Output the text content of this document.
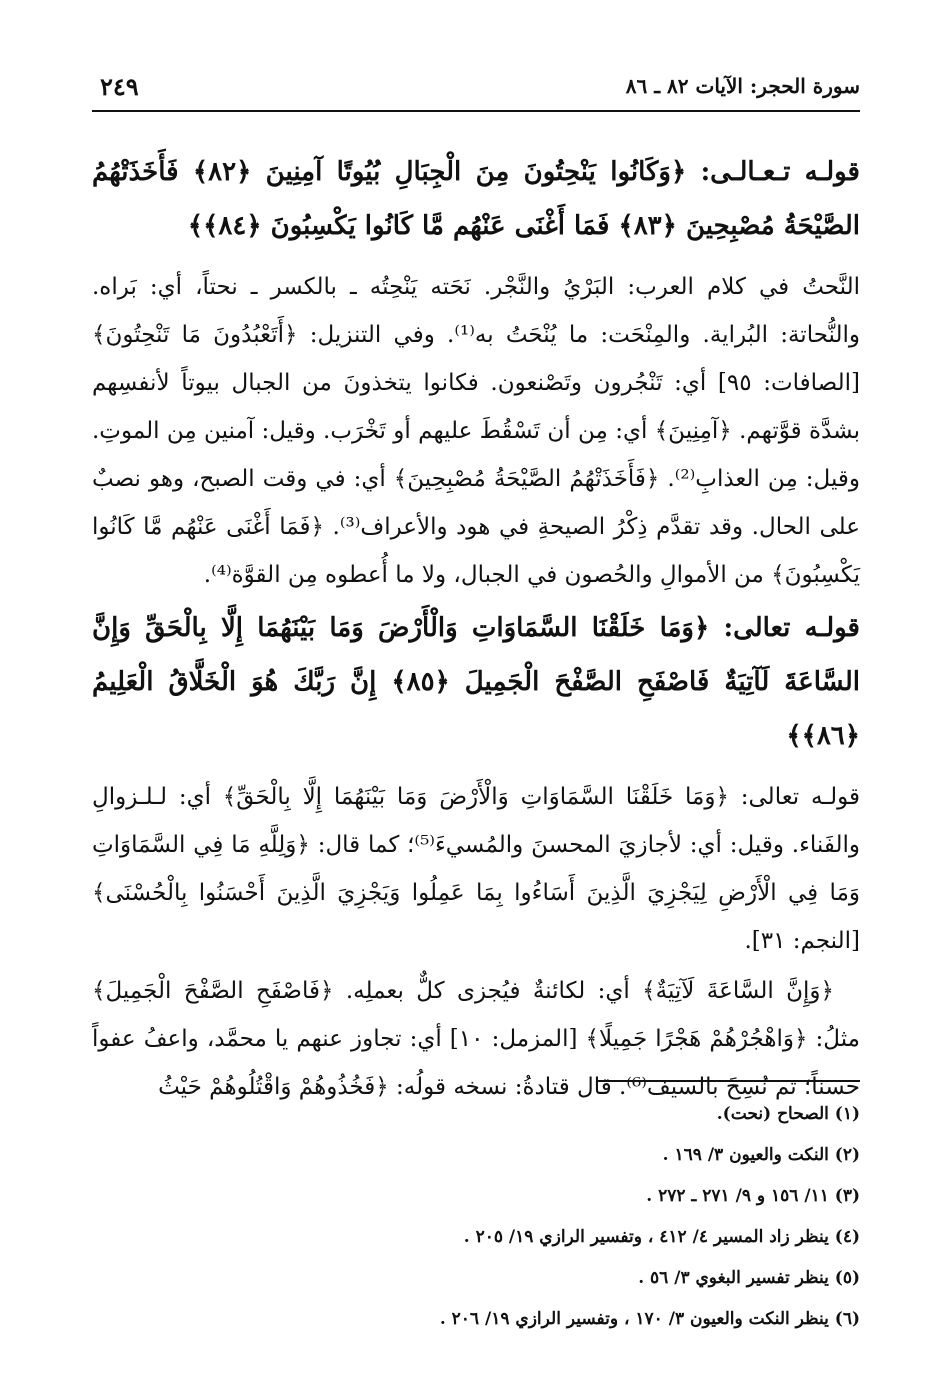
سورة الحجر: الآيات ٨٢ ـ ٨٦
٢٤٩

قولـه تـعـالـى: ﴿وَكَانُوا يَنْحِتُونَ مِنَ الْجِبَالِ بُيُوتًا آمِنِينَ ﴿٨٢﴾ فَأَخَذَتْهُمُ الصَّيْحَةُ مُصْبِحِينَ ﴿٨٣﴾ فَمَا أَغْنَى عَنْهُم مَّا كَانُوا يَكْسِبُونَ ﴿٨٤﴾﴾

النَّحتُ في كلام العرب: البَرْيُ والنَّجْر. نَحَته يَنْحِتُه ـ بالكسر ـ نحتاً، أي: بَراه. والنُّحاتة: البُراية. والمِنْحَت: ما يُنْحَتُ به⁽¹⁾. وفي التنزيل: ﴿أَتَعْبُدُونَ مَا تَنْحِتُونَ﴾ [الصافات: ٩٥] أي: تَنْجُرون وتَصْنعون. فكانوا يتخذونَ من الجبال بيوتاً لأنفسِهم بشدَّة قوَّتهم. ﴿آمِنِينَ﴾ أي: مِن أن تَسْقُطَ عليهم أو تَخْرَب. وقيل: آمنين مِن الموتِ. وقيل: مِن العذابِ⁽²⁾. ﴿فَأَخَذَتْهُمُ الصَّيْحَةُ مُصْبِحِينَ﴾ أي: في وقت الصبح، وهو نصبٌ على الحال. وقد تقدَّم ذِكْرُ الصيحةِ في هود والأعراف⁽³⁾. ﴿فَمَا أَغْنَى عَنْهُم مَّا كَانُوا يَكْسِبُونَ﴾ من الأموالِ والحُصون في الجبال، ولا ما أُعطوه مِن القوَّة⁽⁴⁾.

قولـه تعالى: ﴿وَمَا خَلَقْنَا السَّمَاوَاتِ وَالْأَرْضَ وَمَا بَيْنَهُمَا إِلَّا بِالْحَقِّ وَإِنَّ السَّاعَةَ لَآتِيَةٌ فَاصْفَحِ الصَّفْحَ الْجَمِيلَ ﴿٨٥﴾ إِنَّ رَبَّكَ هُوَ الْخَلَّاقُ الْعَلِيمُ ﴿٨٦﴾﴾

قولـه تعالى: ﴿وَمَا خَلَقْنَا السَّمَاوَاتِ وَالْأَرْضَ وَمَا بَيْنَهُمَا إِلَّا بِالْحَقِّ﴾ أي: لـلـزوالِ والفَناء. وقيل: أي: لأجازيَ المحسنَ والمُسيءَ⁽⁵⁾؛ كما قال: ﴿وَلِلَّهِ مَا فِي السَّمَاوَاتِ وَمَا فِي الْأَرْضِ لِيَجْزِيَ الَّذِينَ أَسَاءُوا بِمَا عَمِلُوا وَيَجْزِيَ الَّذِينَ أَحْسَنُوا بِالْحُسْنَى﴾ [النجم: ٣١].

﴿وَإِنَّ السَّاعَةَ لَآتِيَةٌ﴾ أي: لكائنةٌ فيُجزى كلٌّ بعملِه. ﴿فَاصْفَحِ الصَّفْحَ الْجَمِيلَ﴾ مثلُ: ﴿وَاهْجُرْهُمْ هَجْرًا جَمِيلًا﴾ [المزمل: ١٠] أي: تجاوز عنهم يا محمَّد، واعفُ عفواً حسناً؛ ثم نُسِخَ بالسيف⁽⁶⁾. قال قتادةُ: نسخه قولُه: ﴿فَخُذُوهُمْ وَاقْتُلُوهُمْ حَيْثُ

(١) الصحاح (نحت).
(٢) النكت والعيون ٣/ ١٦٩ .
(٣) ١١/ ١٥٦ و ٩/ ٢٧١ ـ ٢٧٢ .
(٤) ينظر زاد المسير ٤/ ٤١٢ ، وتفسير الرازي ١٩/ ٢٠٥ .
(٥) ينظر تفسير البغوي ٣/ ٥٦ .
(٦) ينظر النكت والعيون ٣/ ١٧٠ ، وتفسير الرازي ١٩/ ٢٠٦ .
